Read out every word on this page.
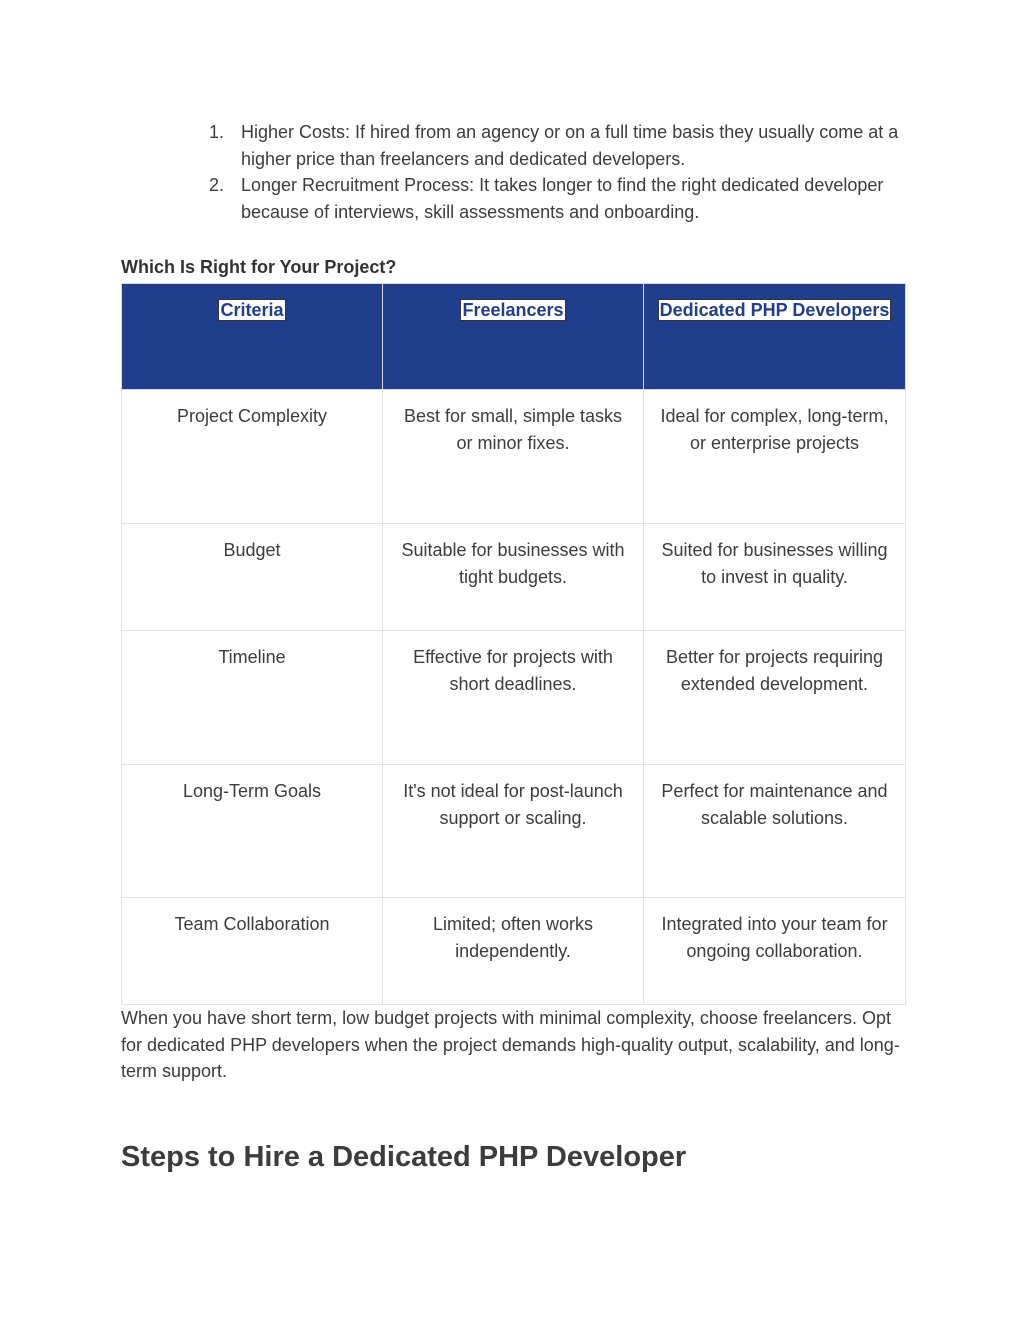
1. Higher Costs: If hired from an agency or on a full time basis they usually come at a higher price than freelancers and dedicated developers.
2. Longer Recruitment Process: It takes longer to find the right dedicated developer because of interviews, skill assessments and onboarding.
Which Is Right for Your Project?
Criteria	Freelancers	Dedicated PHP Developers
Project Complexity	Best for small, simple tasks or minor fixes.	Ideal for complex, long-term, or enterprise projects
Budget	Suitable for businesses with tight budgets.	Suited for businesses willing to invest in quality.
Timeline	Effective for projects with short deadlines.	Better for projects requiring extended development.
Long-Term Goals	It's not ideal for post-launch support or scaling.	Perfect for maintenance and scalable solutions.
Team Collaboration	Limited; often works independently.	Integrated into your team for ongoing collaboration.

When you have short term, low budget projects with minimal complexity, choose freelancers. Opt for dedicated PHP developers when the project demands high-quality output, scalability, and long-term support.

Steps to Hire a Dedicated PHP Developer
